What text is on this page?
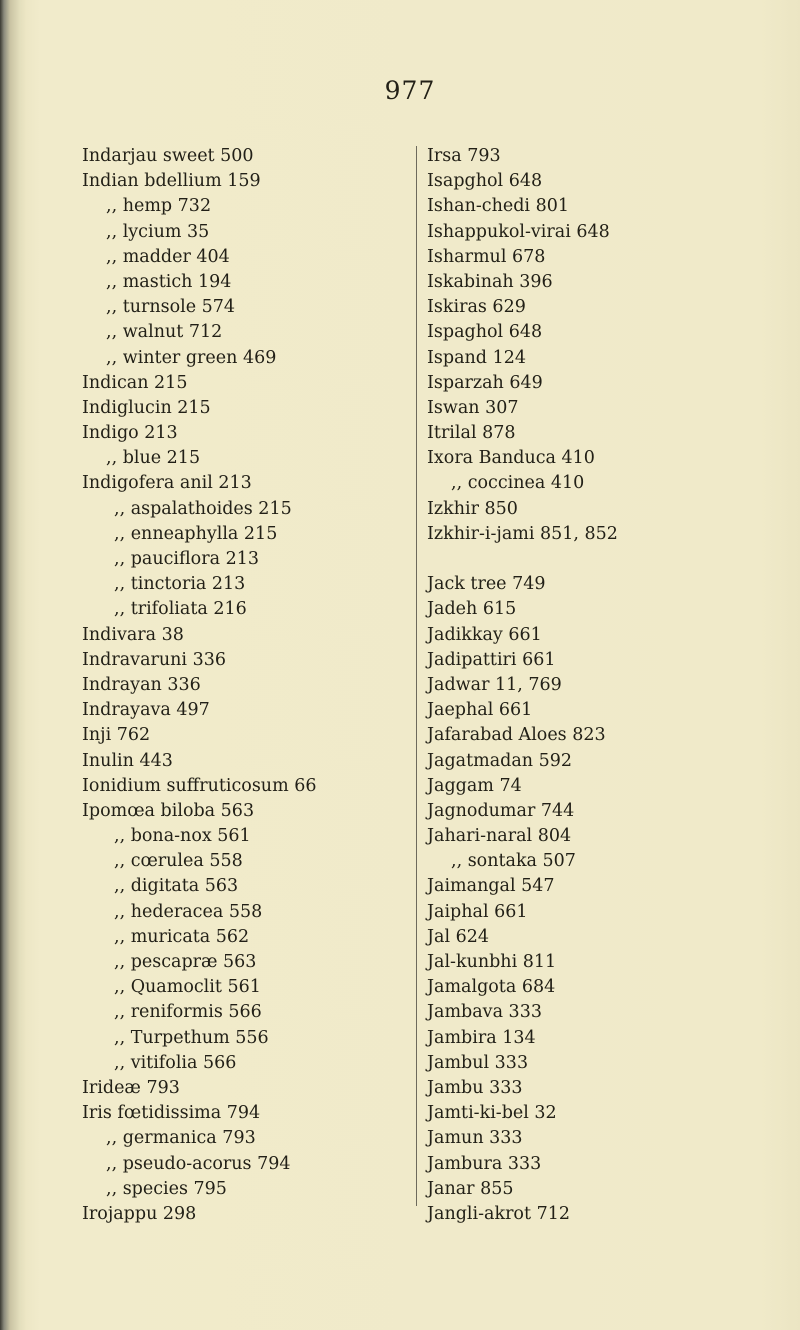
977
Indarjau sweet 500
Indian bdellium 159
,, hemp 732
,, lycium 35
,, madder 404
,, mastich 194
,, turnsole 574
,, walnut 712
,, winter green 469
Indican 215
Indiglucin 215
Indigo 213
,, blue 215
Indigofera anil 213
,, aspalathoides 215
,, enneaphylla 215
,, pauciflora 213
,, tinctoria 213
,, trifoliata 216
Indivara 38
Indravaruni 336
Indrayan 336
Indrayava 497
Inji 762
Inulin 443
Ionidium suffruticosum 66
Ipomœa biloba 563
,, bona-nox 561
,, cœrulea 558
,, digitata 563
,, hederacea 558
,, muricata 562
,, pescapræ 563
,, Quamoclit 561
,, reniformis 566
,, Turpethum 556
,, vitifolia 566
Irideæ 793
Iris fœtidissima 794
,, germanica 793
,, pseudo-acorus 794
,, species 795
Irojappu 298
Irsa 793
Isapghol 648
Ishan-chedi 801
Ishappukol-virai 648
Isharmul 678
Iskabinah 396
Iskiras 629
Ispaghol 648
Ispand 124
Isparzah 649
Iswan 307
Itrilal 878
Ixora Banduca 410
,, coccinea 410
Izkhir 850
Izkhir-i-jami 851, 852
Jack tree 749
Jadeh 615
Jadikkay 661
Jadipattiri 661
Jadwar 11, 769
Jaephal 661
Jafarabad Aloes 823
Jagatmadan 592
Jaggam 74
Jagnodumar 744
Jahari-naral 804
,, sontaka 507
Jaimangal 547
Jaiphal 661
Jal 624
Jal-kunbhi 811
Jamalgota 684
Jambava 333
Jambira 134
Jambul 333
Jambu 333
Jamti-ki-bel 32
Jamun 333
Jambura 333
Janar 855
Jangli-akrot 712
